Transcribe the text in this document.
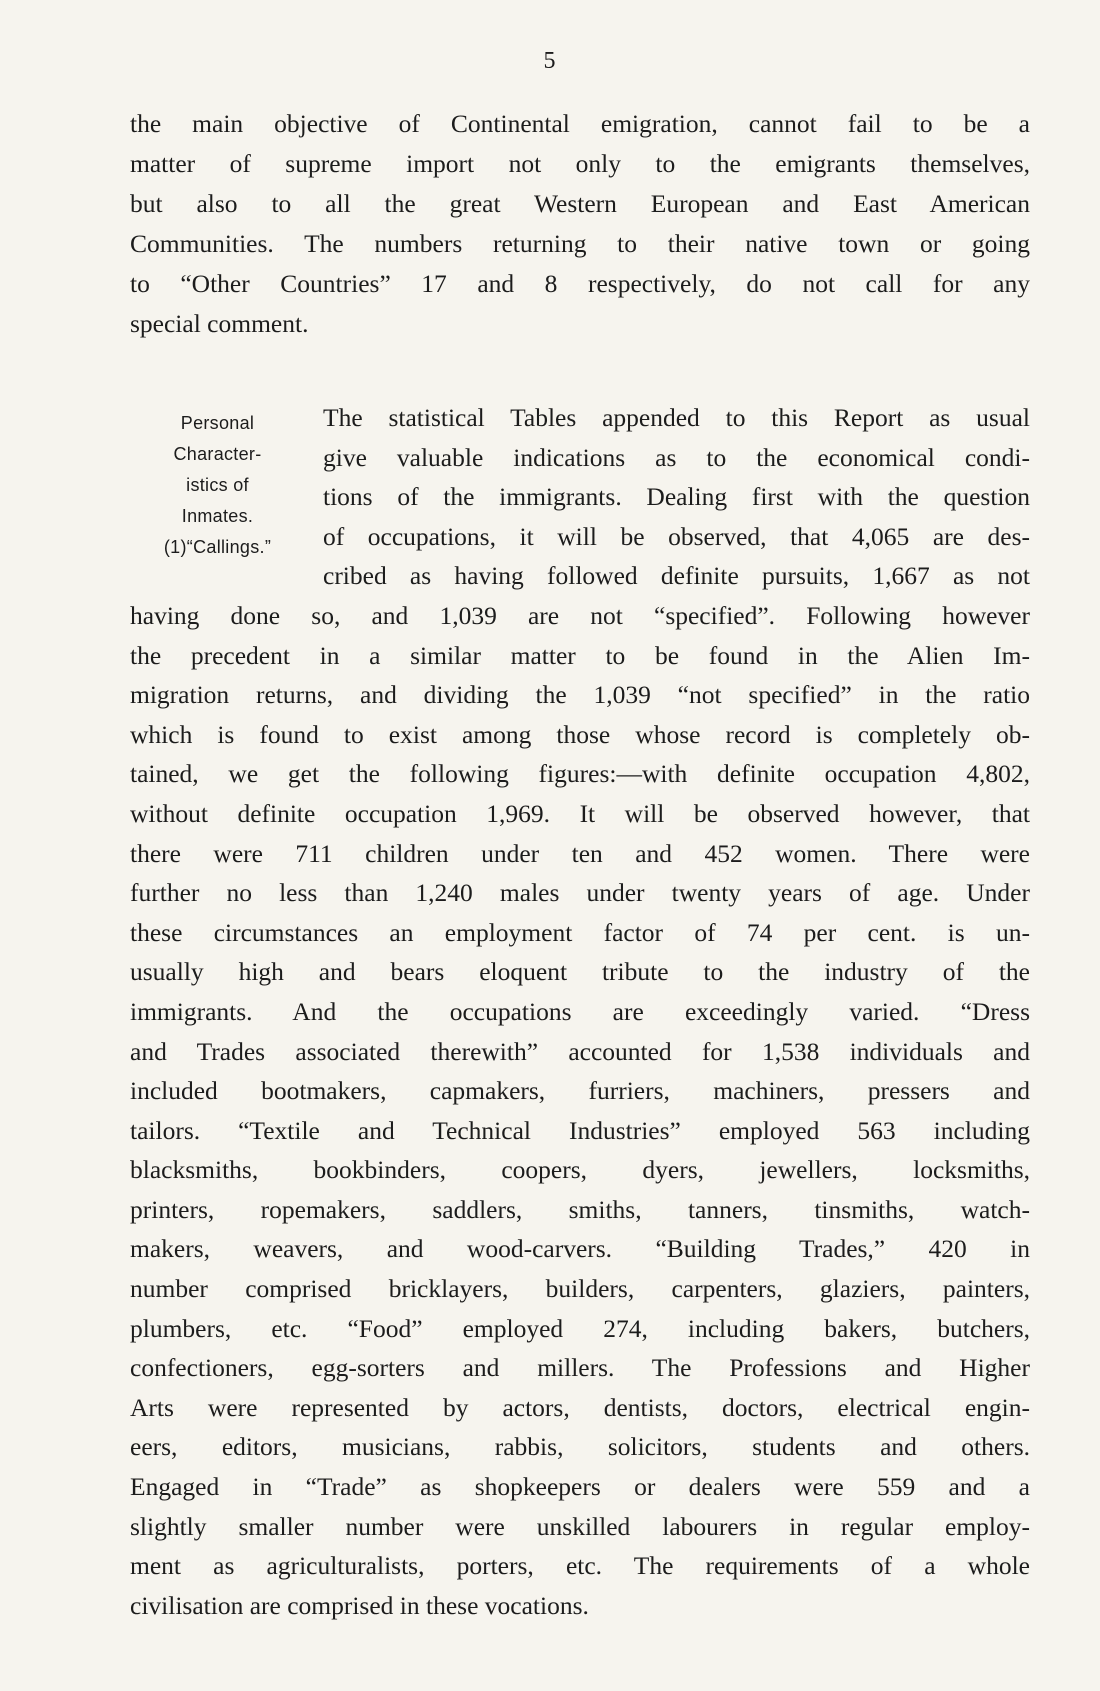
5

the main objective of Continental emigration, cannot fail to be a
matter of supreme import not only to the emigrants themselves,
but also to all the great Western European and East American
Communities. The numbers returning to their native town or going
to “Other Countries” 17 and 8 respectively, do not call for any
special comment.

Personal
Character-
istics of
Inmates.
(1)“Callings.”

The statistical Tables appended to this Report as usual
give valuable indications as to the economical condi-
tions of the immigrants. Dealing first with the question
of occupations, it will be observed, that 4,065 are des-
cribed as having followed definite pursuits, 1,667 as not
having done so, and 1,039 are not “specified”. Following however
the precedent in a similar matter to be found in the Alien Im-
migration returns, and dividing the 1,039 “not specified” in the ratio
which is found to exist among those whose record is completely ob-
tained, we get the following figures:—with definite occupation 4,802,
without definite occupation 1,969. It will be observed however, that
there were 711 children under ten and 452 women. There were
further no less than 1,240 males under twenty years of age. Under
these circumstances an employment factor of 74 per cent. is un-
usually high and bears eloquent tribute to the industry of the
immigrants. And the occupations are exceedingly varied. “Dress
and Trades associated therewith” accounted for 1,538 individuals and
included bootmakers, capmakers, furriers, machiners, pressers and
tailors. “Textile and Technical Industries” employed 563 including
blacksmiths, bookbinders, coopers, dyers, jewellers, locksmiths,
printers, ropemakers, saddlers, smiths, tanners, tinsmiths, watch-
makers, weavers, and wood-carvers. “Building Trades,” 420 in
number comprised bricklayers, builders, carpenters, glaziers, painters,
plumbers, etc. “Food” employed 274, including bakers, butchers,
confectioners, egg-sorters and millers. The Professions and Higher
Arts were represented by actors, dentists, doctors, electrical engin-
eers, editors, musicians, rabbis, solicitors, students and others.
Engaged in “Trade” as shopkeepers or dealers were 559 and a
slightly smaller number were unskilled labourers in regular employ-
ment as agriculturalists, porters, etc. The requirements of a whole
civilisation are comprised in these vocations.
